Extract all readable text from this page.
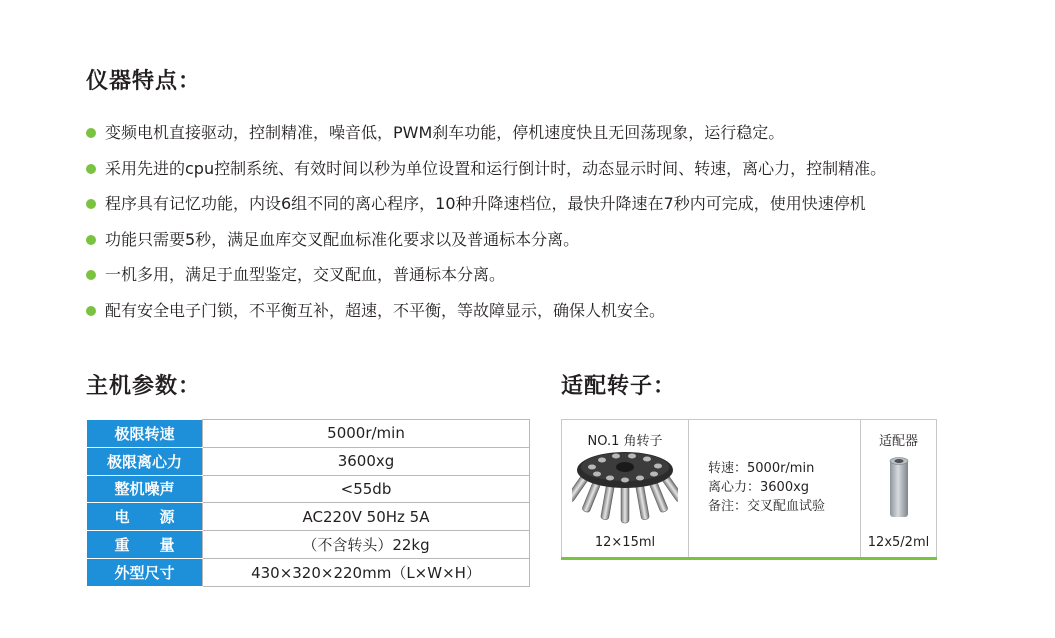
仪器特点：
变频电机直接驱动，控制精准，噪音低，PWM刹车功能，停机速度快且无回荡现象，运行稳定。
采用先进的cpu控制系统、有效时间以秒为单位设置和运行倒计时，动态显示时间、转速，离心力，控制精准。
程序具有记忆功能，内设6组不同的离心程序，10种升降速档位，最快升降速在7秒内可完成，使用快速停机
功能只需要5秒，满足血库交叉配血标准化要求以及普通标本分离。
一机多用，满足于血型鉴定，交叉配血，普通标本分离。
配有安全电子门锁，不平衡互补，超速，不平衡，等故障显示，确保人机安全。
主机参数：
极限转速	5000r/min
极限离心力	3600xg
整机噪声	<55db
电　　源	AC220V 50Hz 5A
重　　量	（不含转头）22kg
外型尺寸	430×320×220mm（L×W×H）
适配转子：
NO.1 角转子
12×15ml
转速：5000r/min
离心力：3600xg
备注：交叉配血试验
适配器
12x5/2ml
